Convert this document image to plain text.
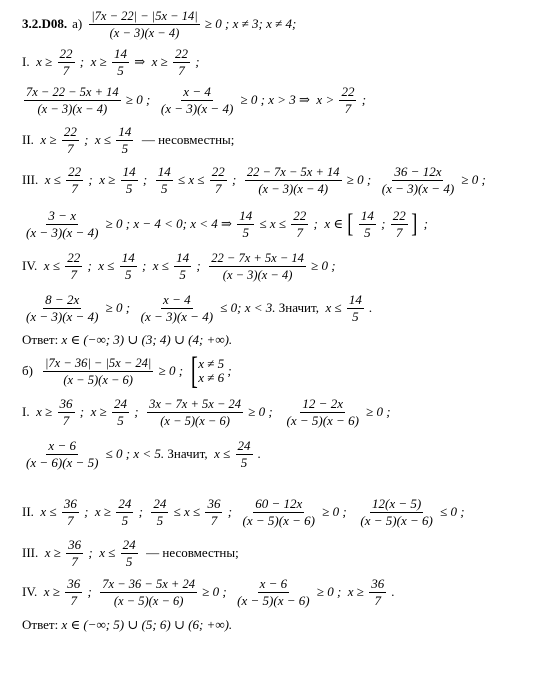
3.2.D08. $а) \frac{|7x - 22| - |5x - 14|}{(x - 3)(x - 4)} \ge 0$ ; x ≠ 3; x ≠ 4;
I. $x \ge \frac{22}{7}$ ;  $x \ge \frac{14}{5}$ ⇒  $x \ge \frac{22}{7}$ ;
$\frac{7x - 22 - 5x + 14}{(x - 3)(x - 4)} \ge 0$ ; $\frac{x - 4}{(x - 3)(x - 4)} \ge 0$ ; x > 3 ⇒  $x > \frac{22}{7}$ ;
II. $x \ge \frac{22}{7}$ ;  $x \le \frac{14}{5}$ — несовместны;
III. $x \le \frac{22}{7}$ ;  $x \ge \frac{14}{5}$ ; $\frac{14}{5} \le x \le \frac{22}{7}$ ; $\frac{22 - 7x - 5x + 14}{(x - 3)(x - 4)} \ge 0$ ; $\frac{36 - 12x}{(x - 3)(x - 4)} \ge 0$ ;
$\frac{3 - x}{(x - 3)(x - 4)} \ge 0$ ; x − 4 < 0; x < 4 ⇒ $\frac{14}{5} \le x \le \frac{22}{7}$ ;  x ∈ [ $\frac{14}{5}$ ; $\frac{22}{7}$ ] ;
IV. $x \le \frac{22}{7}$ ;  $x \le \frac{14}{5}$ ;  $x \le \frac{14}{5}$ ; $\frac{22 - 7x + 5x - 14}{(x - 3)(x - 4)} \ge 0$ ;
$\frac{8 - 2x}{(x - 3)(x - 4)} \ge 0$ ; $\frac{x - 4}{(x - 3)(x - 4)} \le 0$; x < 3. Значит, $x \le \frac{14}{5}$ .
Ответ: x ∈ (−∞; 3) ∪ (3; 4) ∪ (4; +∞).
$б) \frac{|7x - 36| - |5x - 24|}{(x - 5)(x - 6)} \ge 0$ ; [ x ≠ 5
x ≠ 6 ;
I. $x \ge \frac{36}{7}$ ;  $x \ge \frac{24}{5}$ ; $\frac{3x - 7x + 5x - 24}{(x - 5)(x - 6)} \ge 0$ ; $\frac{12 - 2x}{(x - 5)(x - 6)} \ge 0$ ;
$\frac{x - 6}{(x - 6)(x - 5)} \le 0$ ; x < 5. Значит, $x \le \frac{24}{5}$ .
II. $x \le \frac{36}{7}$ ;  $x \ge \frac{24}{5}$ ; $\frac{24}{5} \le x \le \frac{36}{7}$ ; $\frac{60 - 12x}{(x - 5)(x - 6)} \ge 0$ ; $\frac{12(x - 5)}{(x - 5)(x - 6)} \le 0$ ;
III. $x \ge \frac{36}{7}$ ;  $x \le \frac{24}{5}$ — несовместны;
IV. $x \ge \frac{36}{7}$ ; $\frac{7x - 36 - 5x + 24}{(x - 5)(x - 6)} \ge 0$ ; $\frac{x - 6}{(x - 5)(x - 6)} \ge 0$ ;  $x \ge \frac{36}{7}$ .
Ответ: x ∈ (−∞; 5) ∪ (5; 6) ∪ (6; +∞).
